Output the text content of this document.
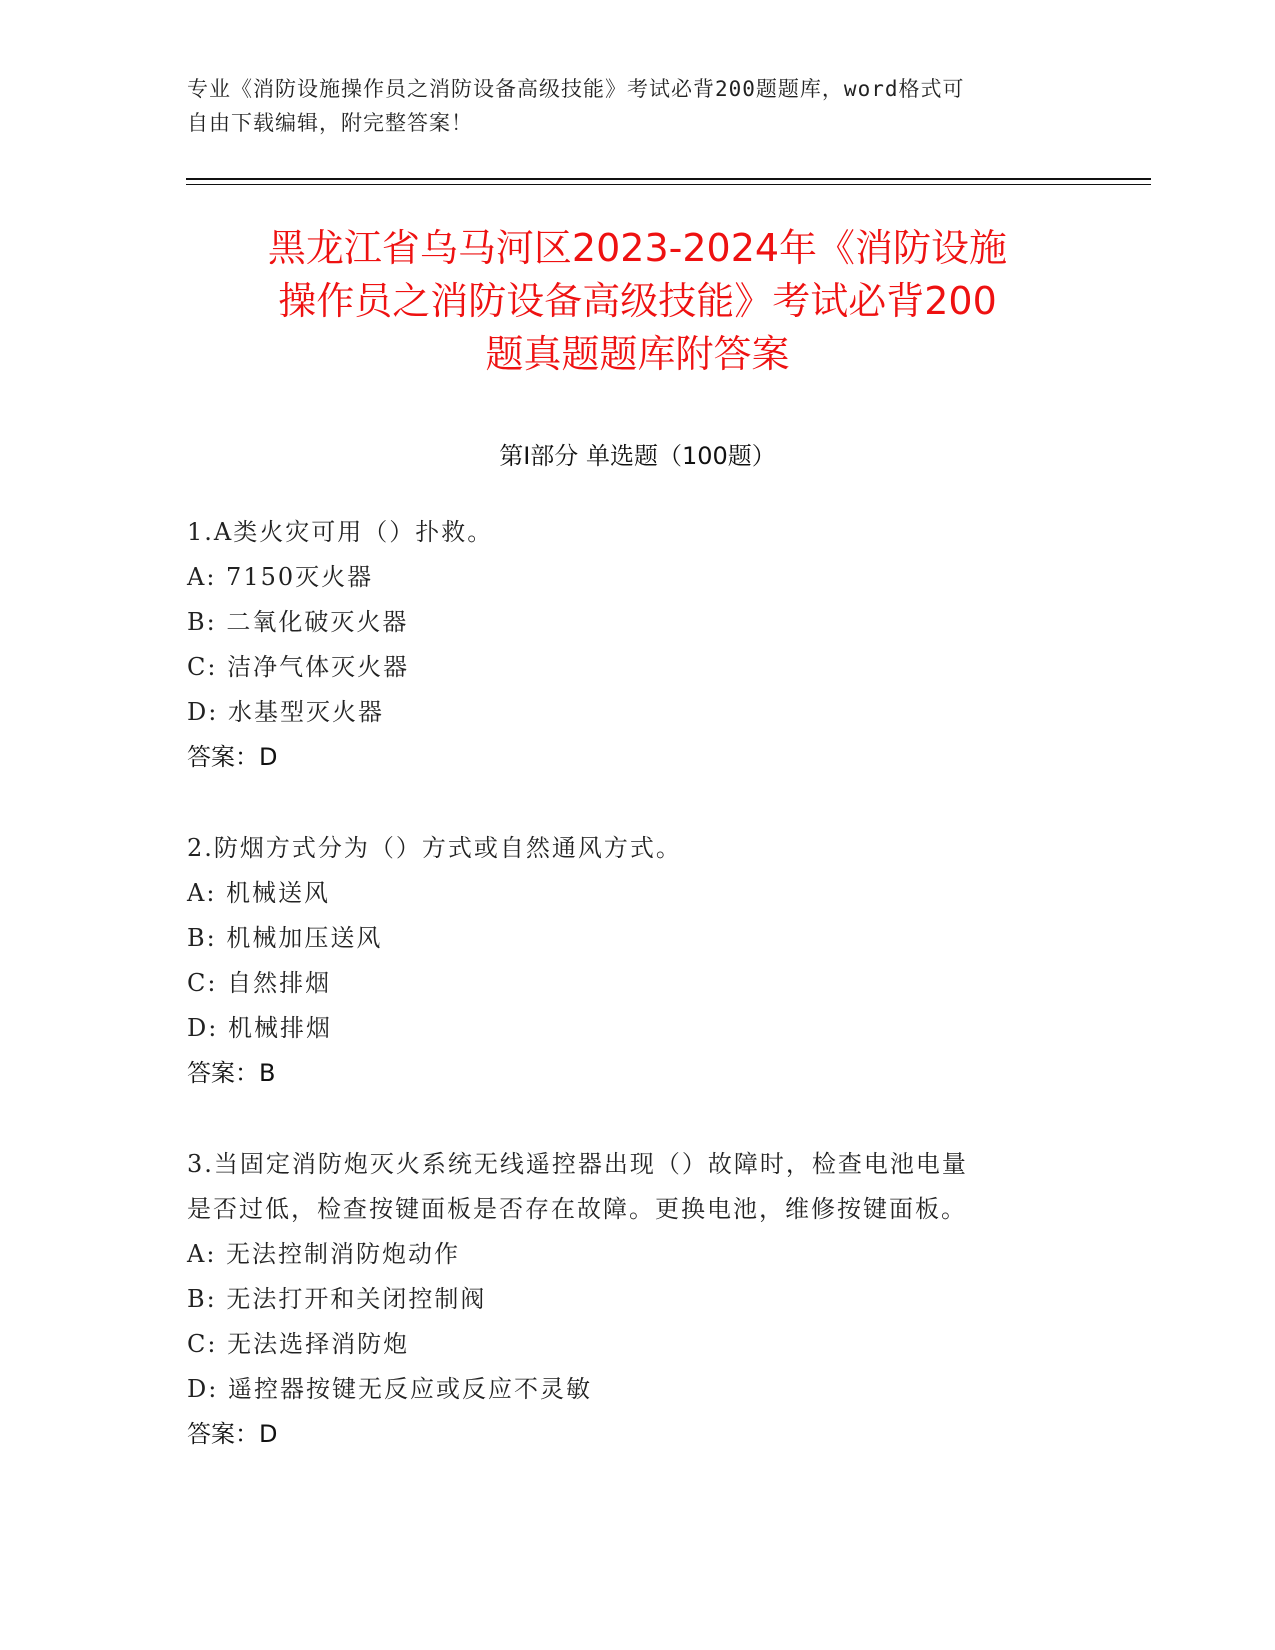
专业《消防设施操作员之消防设备高级技能》考试必背200题题库，word格式可
自由下载编辑，附完整答案！
黑龙江省乌马河区2023-2024年《消防设施
操作员之消防设备高级技能》考试必背200
题真题题库附答案
第Ⅰ部分 单选题（100题）
1.A类火灾可用（）扑救。
A: 7150灭火器
B: 二氧化破灭火器
C: 洁净气体灭火器
D: 水基型灭火器
答案：D
2.防烟方式分为（）方式或自然通风方式。
A: 机械送风
B: 机械加压送风
C: 自然排烟
D: 机械排烟
答案：B
3.当固定消防炮灭火系统无线遥控器出现（）故障时，检查电池电量
是否过低，检查按键面板是否存在故障。更换电池，维修按键面板。
A: 无法控制消防炮动作
B: 无法打开和关闭控制阀
C: 无法选择消防炮
D: 遥控器按键无反应或反应不灵敏
答案：D
